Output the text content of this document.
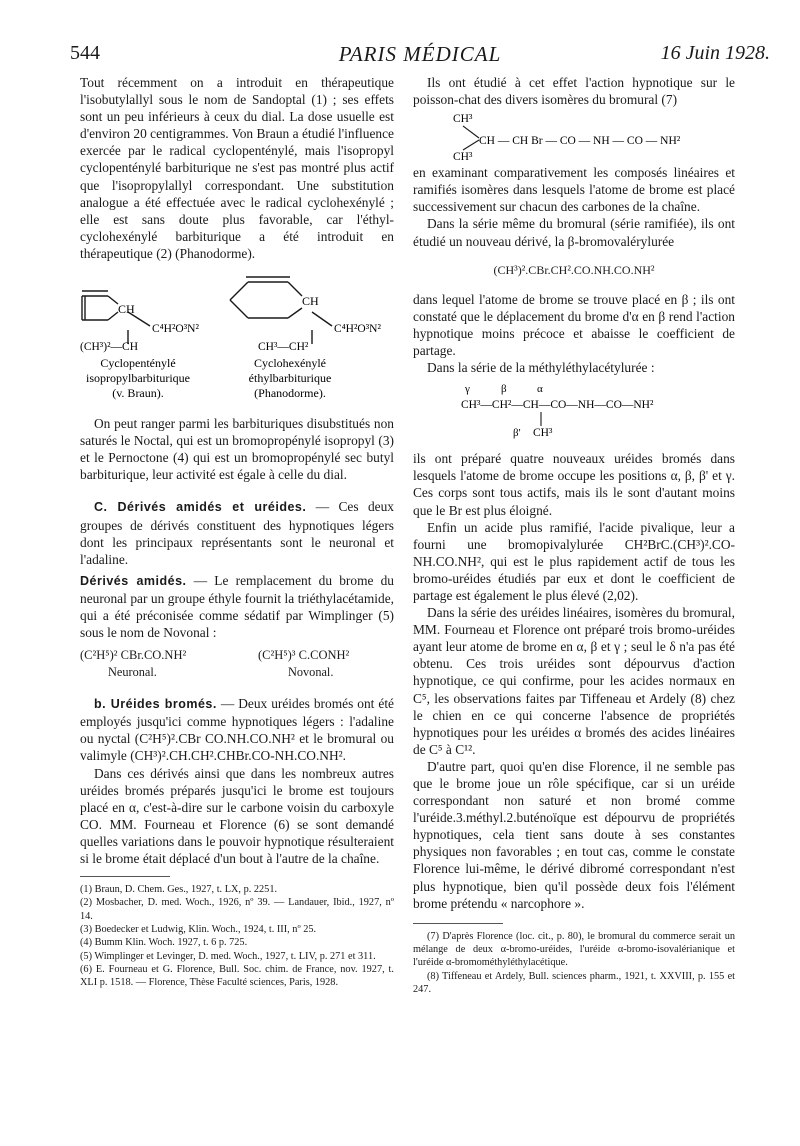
544	PARIS MÉDICAL	16 Juin 1928.

Tout récemment on a introduit en thérapeutique l'isobutylallyl sous le nom de Sandoptal (1) ; ses effets sont un peu inférieurs à ceux du dial. La dose usuelle est d'environ 20 centigrammes. Von Braun a étudié l'influence exercée par le radical cyclopenténylé, mais l'isopropyl cyclopenténylé barbiturique ne s'est pas montré plus actif que l'isopropylallyl correspondant. Une substitution analogue a été effectuée avec le radical cyclohexénylé ; elle est sans doute plus favorable, car l'éthyl-cyclohexénylé barbiturique a été introduit en thérapeutique (2) (Phanodorme).

CH
C⁴H²O³N²
(CH³)²—CH
Cyclopenténylé
isopropylbarbiturique
(v. Braun).
CH
C⁴H²O³N²
CH³—CH²
Cyclohexénylé
éthylbarbiturique
(Phanodorme).

On peut ranger parmi les barbituriques disubstitués non saturés le Noctal, qui est un bromopropénylé isopropyl (3) et le Pernoctone (4) qui est un bromopropénylé sec butyl barbiturique, leur activité est égale à celle du dial.

C. Dérivés amidés et uréides. — Ces deux groupes de dérivés constituent des hypnotiques légers dont les principaux représentants sont le neuronal et l'adaline.

Dérivés amidés. — Le remplacement du brome du neuronal par un groupe éthyle fournit la triéthylacétamide, qui a été préconisée comme sédatif par Wimplinger (5) sous le nom de Novonal :

(C²H⁵)² CBr.CO.NH²
Neuronal.
(C²H⁵)³ C.CONH²
Novonal.

b. Uréides bromés. — Deux uréides bromés ont été employés jusqu'ici comme hypnotiques légers : l'adaline ou nyctal (C²H⁵)².CBr CO.NH.CO.NH² et le bromural ou valimyle (CH³)².CH.CH².CHBr.CO-NH.CO.NH².

Dans ces dérivés ainsi que dans les nombreux autres uréides bromés préparés jusqu'ici le brome est toujours placé en α, c'est-à-dire sur le carbone voisin du carboxyle CO. MM. Fourneau et Florence (6) se sont demandé quelles variations dans le pouvoir hypnotique résulteraient si le brome était déplacé d'un bout à l'autre de la chaîne.

(1) Braun, D. Chem. Ges., 1927, t. LX, p. 2251.

(2) Mosbacher, D. med. Woch., 1926, nº 39. — Landauer, Ibid., 1927, nº 14.

(3) Boedecker et Ludwig, Klin. Woch., 1924, t. III, nº 25.

(4) Bumm Klin. Woch. 1927, t. 6 p. 725.

(5) Wimplinger et Levinger, D. med. Woch., 1927, t. LIV, p. 271 et 311.

(6) E. Fourneau et G. Florence, Bull. Soc. chim. de France, nov. 1927, t. XLI p. 1518. — Florence, Thèse Faculté sciences, Paris, 1928.

Ils ont étudié à cet effet l'action hypnotique sur le poisson-chat des divers isomères du bromural (7)

CH³
CH³
CH — CH Br — CO — NH — CO — NH²

en examinant comparativement les composés linéaires et ramifiés isomères dans lesquels l'atome de brome est placé successivement sur chacun des carbones de la chaîne.

Dans la série même du bromural (série ramifiée), ils ont étudié un nouveau dérivé, la β-bromovalérylurée

(CH³)².CBr.CH².CO.NH.CO.NH²

dans lequel l'atome de brome se trouve placé en β ; ils ont constaté que le déplacement du brome d'α en β rend l'action hypnotique moins précoce et abaisse le coefficient de partage.

Dans la série de la méthyléthylacétylurée :

γ	β	α
CH³—CH²—CH—CO—NH—CO—NH²
β' CH³

ils ont préparé quatre nouveaux uréides bromés dans lesquels l'atome de brome occupe les positions α, β, β' et γ. Ces corps sont tous actifs, mais ils le sont d'autant moins que le Br est plus éloigné.

Enfin un acide plus ramifié, l'acide pivalique, leur a fourni une bromopivalylurée CH²BrC.(CH³)².CO-NH.CO.NH², qui est le plus rapidement actif de tous les bromo-uréides étudiés par eux et dont le coefficient de partage est également le plus élevé (2,02).

Dans la série des uréides linéaires, isomères du bromural, MM. Fourneau et Florence ont préparé trois bromo-uréides ayant leur atome de brome en α, β et γ ; seul le δ n'a pas été obtenu. Ces trois uréides sont dépourvus d'action hypnotique, ce qui confirme, pour les acides normaux en C⁵, les observations faites par Tiffeneau et Ardely (8) chez le chien en ce qui concerne l'absence de propriétés hypnotiques pour les uréides α bromés des acides linéaires de C⁵ à C¹².

D'autre part, quoi qu'en dise Florence, il ne semble pas que le brome joue un rôle spécifique, car si un uréide correspondant non saturé et non bromé comme l'uréide.3.méthyl.2.buténoïque est dépourvu de propriétés hypnotiques, cela tient sans doute à ses constantes physiques non favorables ; en tout cas, comme le constate Florence lui-même, le dérivé dibromé correspondant n'est plus hypnotique, bien qu'il possède deux fois l'élément brome prétendu « narcophore ».

(7) D'après Florence (loc. cit., p. 80), le bromural du commerce serait un mélange de deux α-bromo-uréides, l'uréide α-bromo-isovalérianique et l'uréide α-bromométhyléthylacétique.

(8) Tiffeneau et Ardely, Bull. sciences pharm., 1921, t. XXVIII, p. 155 et 247.
